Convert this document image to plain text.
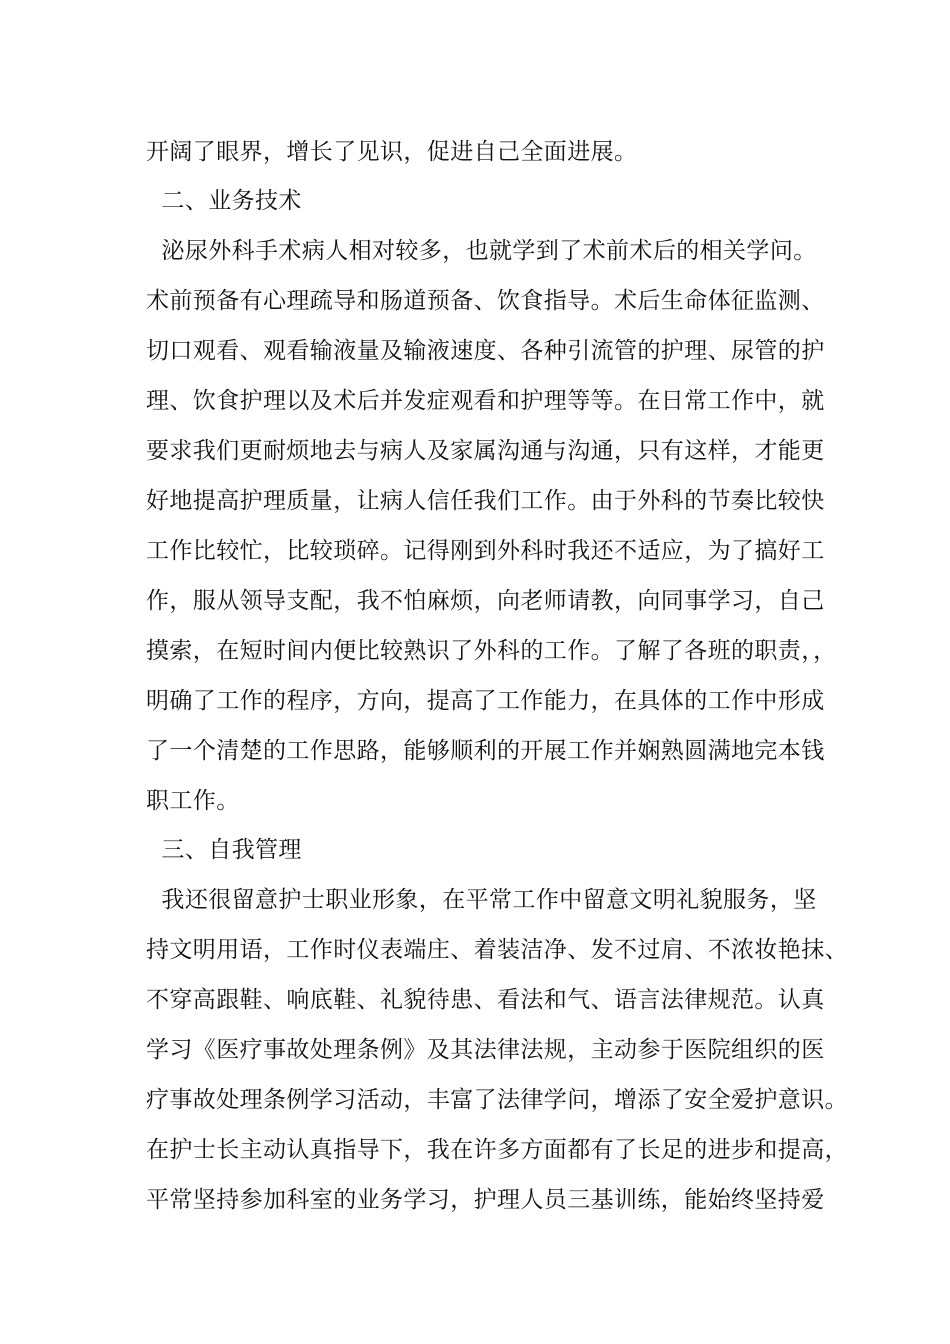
开阔了眼界，增长了见识，促进自己全面进展。
二、业务技术
泌尿外科手术病人相对较多，也就学到了术前术后的相关学问。
术前预备有心理疏导和肠道预备、饮食指导。术后生命体征监测、
切口观看、观看输液量及输液速度、各种引流管的护理、尿管的护
理、饮食护理以及术后并发症观看和护理等等。在日常工作中，就
要求我们更耐烦地去与病人及家属沟通与沟通，只有这样，才能更
好地提高护理质量，让病人信任我们工作。由于外科的节奏比较快
工作比较忙，比较琐碎。记得刚到外科时我还不适应，为了搞好工
作，服从领导支配，我不怕麻烦，向老师请教，向同事学习，自己
摸索，在短时间内便比较熟识了外科的工作。了解了各班的职责，，
明确了工作的程序，方向，提高了工作能力，在具体的工作中形成
了一个清楚的工作思路，能够顺利的开展工作并娴熟圆满地完本钱
职工作。
三、自我管理
我还很留意护士职业形象，在平常工作中留意文明礼貌服务，坚
持文明用语，工作时仪表端庄、着装洁净、发不过肩、不浓妆艳抹、
不穿高跟鞋、响底鞋、礼貌待患、看法和气、语言法律规范。认真
学习《医疗事故处理条例》及其法律法规，主动参于医院组织的医
疗事故处理条例学习活动，丰富了法律学问，增添了安全爱护意识。
在护士长主动认真指导下，我在许多方面都有了长足的进步和提高，
平常坚持参加科室的业务学习，护理人员三基训练，能始终坚持爱
